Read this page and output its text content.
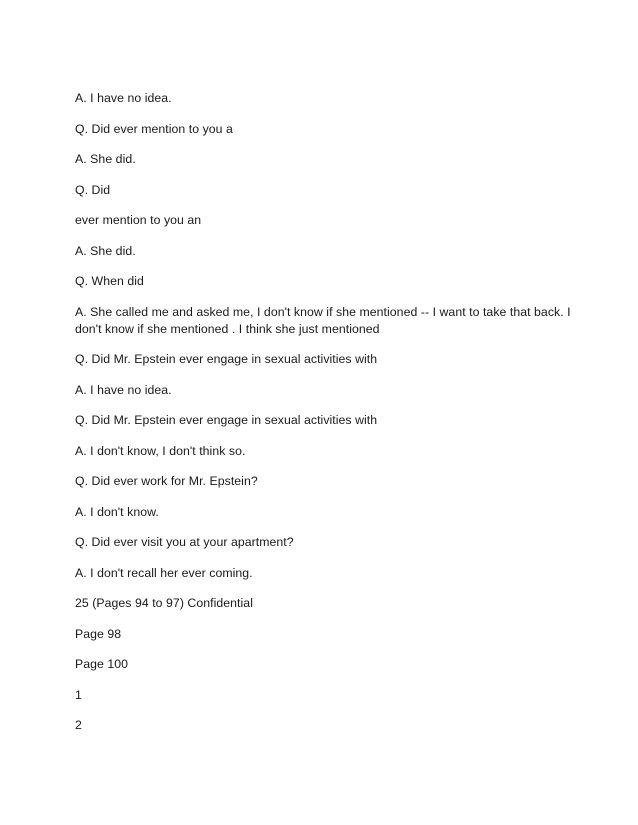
A. I have no idea.
Q. Did ever mention to you a
A. She did.
Q. Did
ever mention to you an
A. She did.
Q. When did
A. She called me and asked me, I don't know if she mentioned -- I want to take that back. I don't know if she mentioned . I think she just mentioned
Q. Did Mr. Epstein ever engage in sexual activities with
A. I have no idea.
Q. Did Mr. Epstein ever engage in sexual activities with
A. I don't know, I don't think so.
Q. Did ever work for Mr. Epstein?
A. I don't know.
Q. Did ever visit you at your apartment?
A. I don't recall her ever coming.
25 (Pages 94 to 97) Confidential
Page 98
Page 100
1
2
